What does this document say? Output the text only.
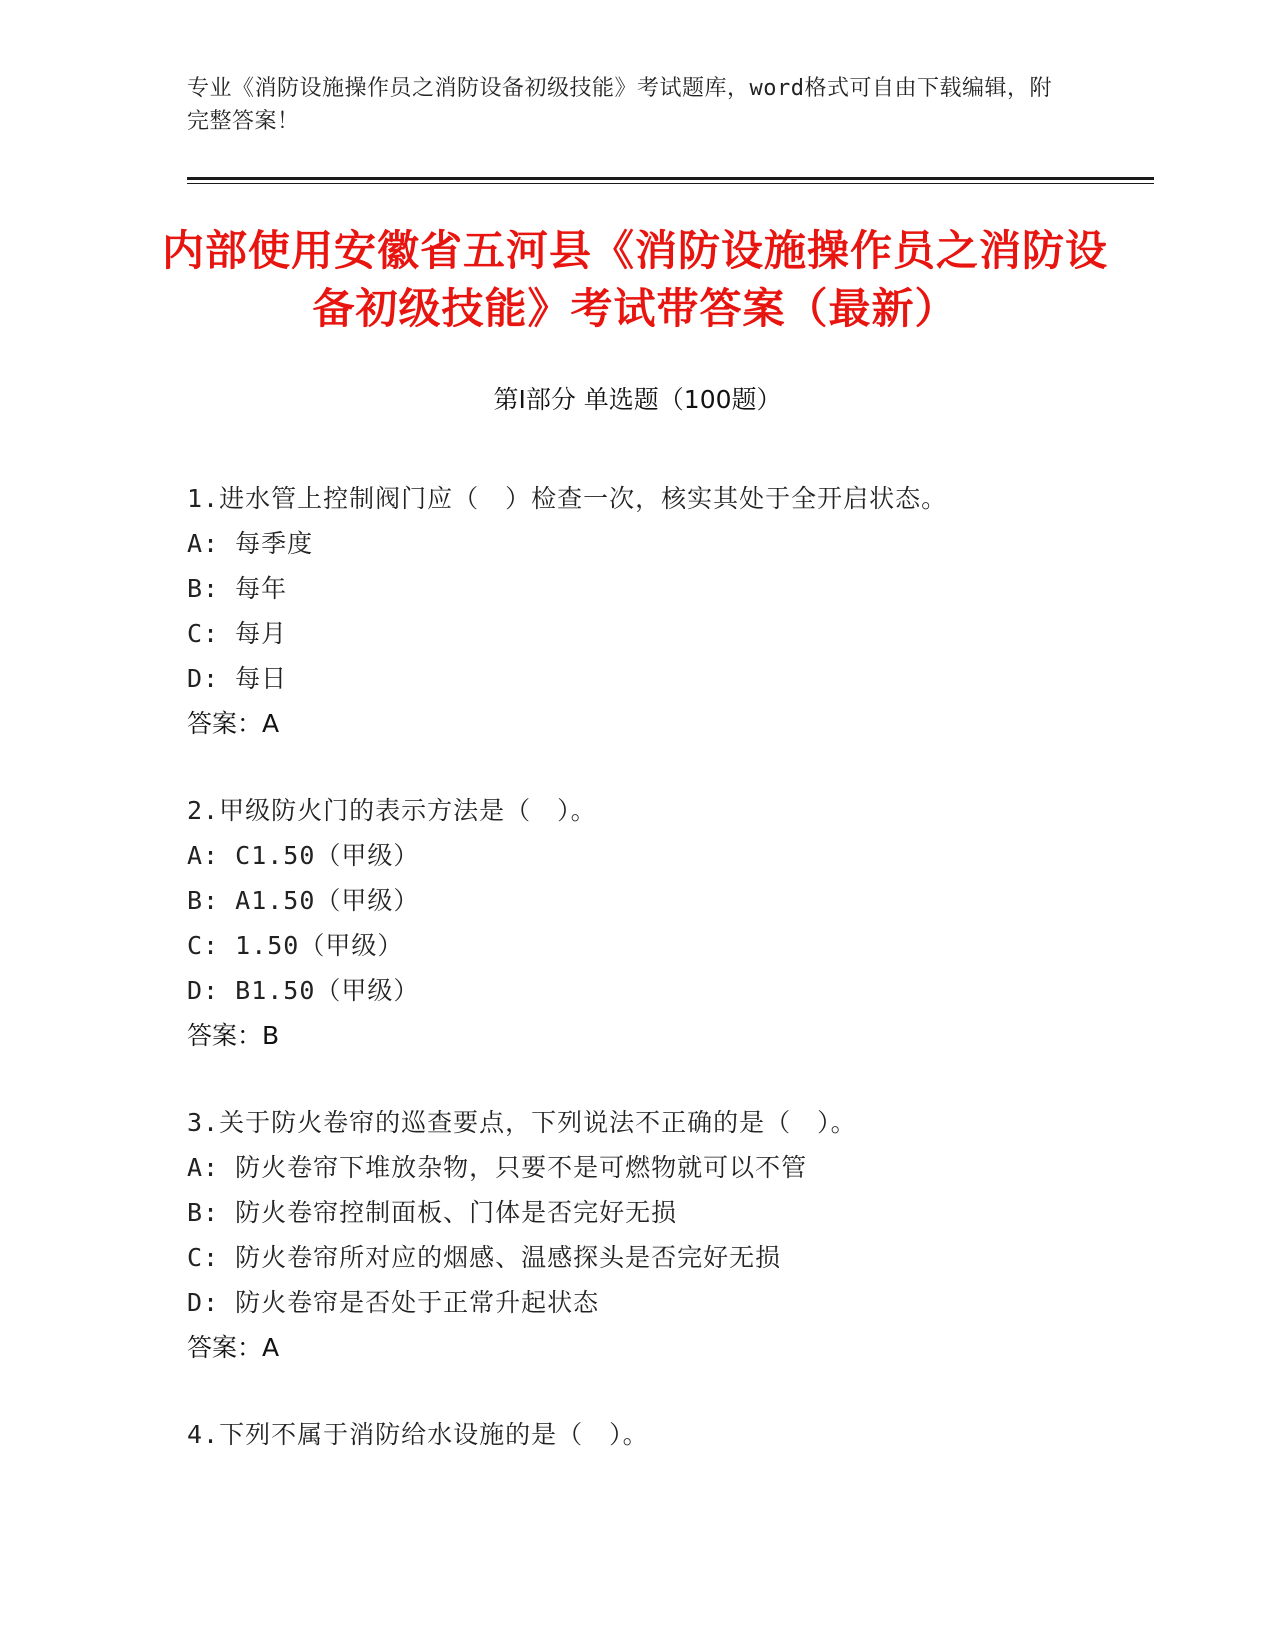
专业《消防设施操作员之消防设备初级技能》考试题库，word格式可自由下载编辑，附完整答案！
内部使用安徽省五河县《消防设施操作员之消防设备初级技能》考试带答案（最新）
第I部分 单选题（100题）
1.进水管上控制阀门应（　）检查一次，核实其处于全开启状态。
A: 每季度
B: 每年
C: 每月
D: 每日
答案：A
2.甲级防火门的表示方法是（　）。
A: C1.50（甲级）
B: A1.50（甲级）
C: 1.50（甲级）
D: B1.50（甲级）
答案：B
3.关于防火卷帘的巡查要点，下列说法不正确的是（　）。
A: 防火卷帘下堆放杂物，只要不是可燃物就可以不管
B: 防火卷帘控制面板、门体是否完好无损
C: 防火卷帘所对应的烟感、温感探头是否完好无损
D: 防火卷帘是否处于正常升起状态
答案：A
4.下列不属于消防给水设施的是（　）。
